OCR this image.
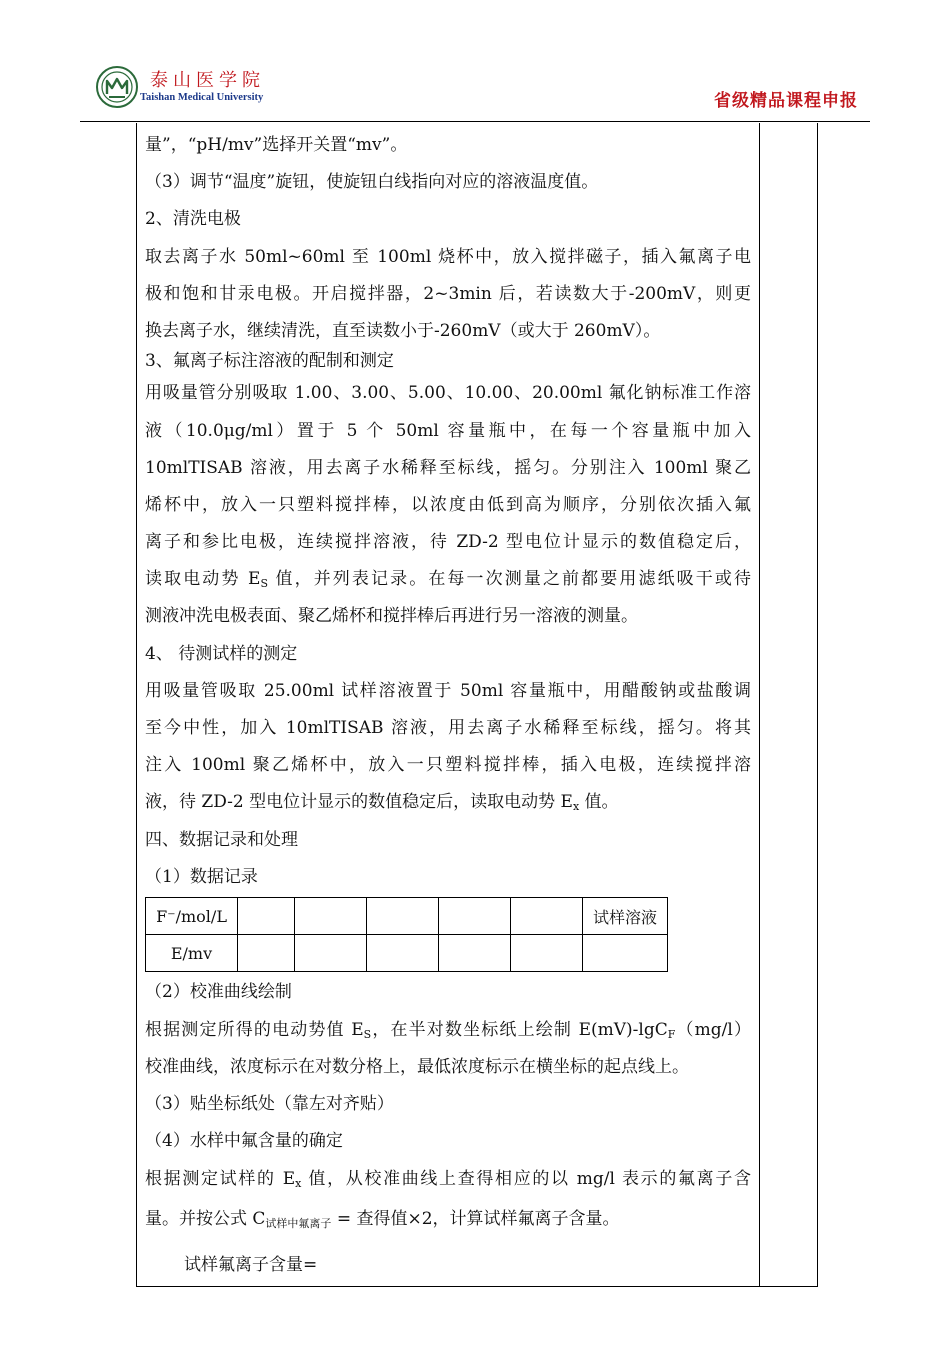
泰山医学院
Taishan Medical University	省级精品课程申报
量”，“pH/mv”选择开关置“mv”。
（3）调节“温度”旋钮，使旋钮白线指向对应的溶液温度值。
2、清洗电极
取去离子水 50ml~60ml 至 100ml 烧杯中，放入搅拌磁子，插入氟离子电
极和饱和甘汞电极。开启搅拌器，2~3min 后，若读数大于-200mV，则更
换去离子水，继续清洗，直至读数小于-260mV（或大于 260mV）。
3、氟离子标注溶液的配制和测定
用吸量管分别吸取 1.00、3.00、5.00、10.00、20.00ml 氟化钠标准工作溶
液（10.0μg/ml）置于 5 个 50ml 容量瓶中，在每一个容量瓶中加入
10mlTISAB 溶液，用去离子水稀释至标线，摇匀。分别注入 100ml 聚乙
烯杯中，放入一只塑料搅拌棒，以浓度由低到高为顺序，分别依次插入氟
离子和参比电极，连续搅拌溶液，待 ZD-2 型电位计显示的数值稳定后，
读取电动势 $E_S$ 值，并列表记录。在每一次测量之前都要用滤纸吸干或待
测液冲洗电极表面、聚乙烯杯和搅拌棒后再进行另一溶液的测量。
4、 待测试样的测定
用吸量管吸取 25.00ml 试样溶液置于 50ml 容量瓶中，用醋酸钠或盐酸调
至今中性，加入 10mlTISAB 溶液，用去离子水稀释至标线，摇匀。将其
注入 100ml 聚乙烯杯中，放入一只塑料搅拌棒，插入电极，连续搅拌溶
液，待 ZD-2 型电位计显示的数值稳定后，读取电动势 $E_x$ 值。
四、数据记录和处理
（1）数据记录
（2）校准曲线绘制
根据测定所得的电动势值 $E_S$，在半对数坐标纸上绘制 E(mV)-lgC$_F$（mg/l）
校准曲线，浓度标示在对数分格上，最低浓度标示在横坐标的起点线上。
（3）贴坐标纸处（靠左对齐贴）
（4）水样中氟含量的确定
根据测定试样的 $E_x$ 值，从校准曲线上查得相应的以 mg/l 表示的氟离子含
量。并按公式 $C_{试样中氟离子}$ = 查得值×2，计算试样氟离子含量。
试样氟离子含量=
F⁻/mol/L						试样溶液
E/mv						
